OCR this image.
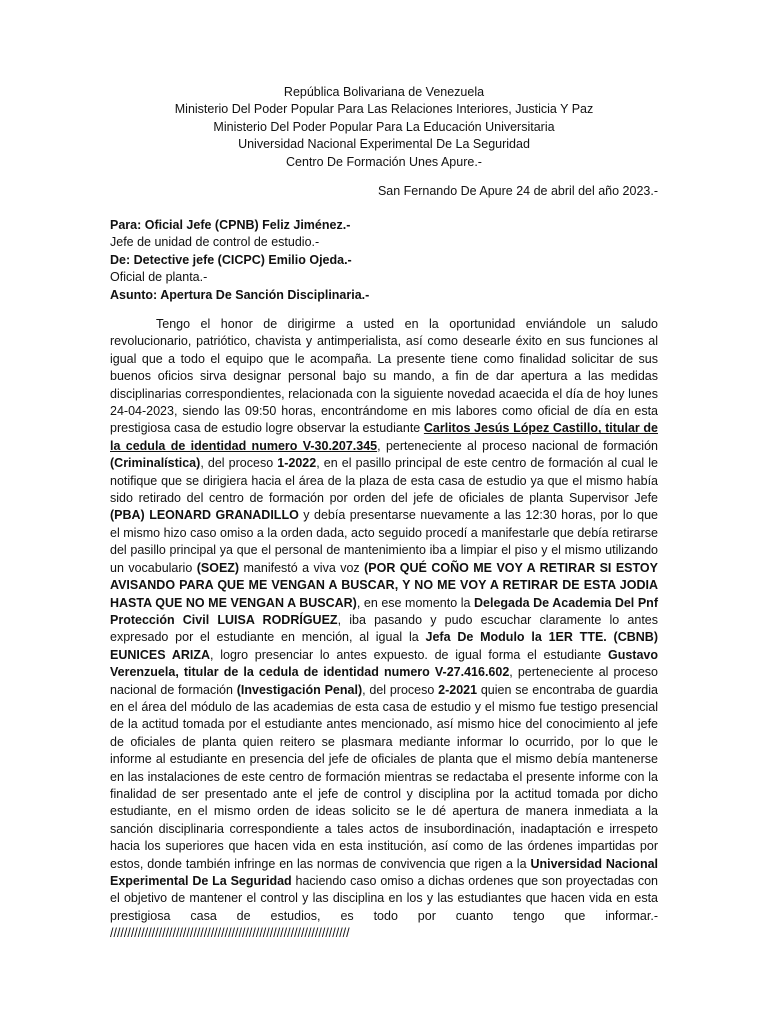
República Bolivariana de Venezuela
Ministerio Del Poder Popular Para Las Relaciones Interiores, Justicia Y Paz
Ministerio Del Poder Popular Para La Educación Universitaria
Universidad Nacional Experimental De La Seguridad
Centro De Formación Unes Apure.-
San Fernando De Apure 24 de abril del año 2023.-
Para: Oficial Jefe (CPNB) Feliz Jiménez.-
Jefe de unidad de control de estudio.-
De: Detective jefe (CICPC) Emilio Ojeda.-
Oficial de planta.-
Asunto: Apertura De Sanción Disciplinaria.-
Tengo el honor de dirigirme a usted en la oportunidad enviándole un saludo revolucionario, patriótico, chavista y antimperialista, así como desearle éxito en sus funciones al igual que a todo el equipo que le acompaña. La presente tiene como finalidad solicitar de sus buenos oficios sirva designar personal bajo su mando, a fin de dar apertura a las medidas disciplinarias correspondientes, relacionada con la siguiente novedad acaecida el día de hoy lunes 24-04-2023, siendo las 09:50 horas, encontrándome en mis labores como oficial de día en esta prestigiosa casa de estudio logre observar la estudiante Carlitos Jesús López Castillo, titular de la cedula de identidad numero V-30.207.345, perteneciente al proceso nacional de formación (Criminalística), del proceso 1-2022, en el pasillo principal de este centro de formación al cual le notifique que se dirigiera hacia el área de la plaza de esta casa de estudio ya que el mismo había sido retirado del centro de formación por orden del jefe de oficiales de planta Supervisor Jefe (PBA) LEONARD GRANADILLO y debía presentarse nuevamente a las 12:30 horas, por lo que el mismo hizo caso omiso a la orden dada, acto seguido procedí a manifestarle que debía retirarse del pasillo principal ya que el personal de mantenimiento iba a limpiar el piso y el mismo utilizando un vocabulario (SOEZ) manifestó a viva voz (POR QUÉ COÑO ME VOY A RETIRAR SI ESTOY AVISANDO PARA QUE ME VENGAN A BUSCAR, Y NO ME VOY A RETIRAR DE ESTA JODIA HASTA QUE NO ME VENGAN A BUSCAR), en ese momento la Delegada De Academia Del Pnf Protección Civil LUISA RODRÍGUEZ, iba pasando y pudo escuchar claramente lo antes expresado por el estudiante en mención, al igual la Jefa De Modulo la 1ER TTE. (CBNB) EUNICES ARIZA, logro presenciar lo antes expuesto. de igual forma el estudiante Gustavo Verenzuela, titular de la cedula de identidad numero V-27.416.602, perteneciente al proceso nacional de formación (Investigación Penal), del proceso 2-2021 quien se encontraba de guardia en el área del módulo de las academias de esta casa de estudio y el mismo fue testigo presencial de la actitud tomada por el estudiante antes mencionado, así mismo hice del conocimiento al jefe de oficiales de planta quien reitero se plasmara mediante informar lo ocurrido, por lo que le informe al estudiante en presencia del jefe de oficiales de planta que el mismo debía mantenerse en las instalaciones de este centro de formación mientras se redactaba el presente informe con la finalidad de ser presentado ante el jefe de control y disciplina por la actitud tomada por dicho estudiante, en el mismo orden de ideas solicito se le dé apertura de manera inmediata a la sanción disciplinaria correspondiente a tales actos de insubordinación, inadaptación e irrespeto hacia los superiores que hacen vida en esta institución, así como de las órdenes impartidas por estos, donde también infringe en las normas de convivencia que rigen a la Universidad Nacional Experimental De La Seguridad haciendo caso omiso a dichas ordenes que son proyectadas con el objetivo de mantener el control y las disciplina en los y las estudiantes que hacen vida en esta prestigiosa casa de estudios, es todo por cuanto tengo que informar.- /////////////////////////////////////////////////////////////////////
